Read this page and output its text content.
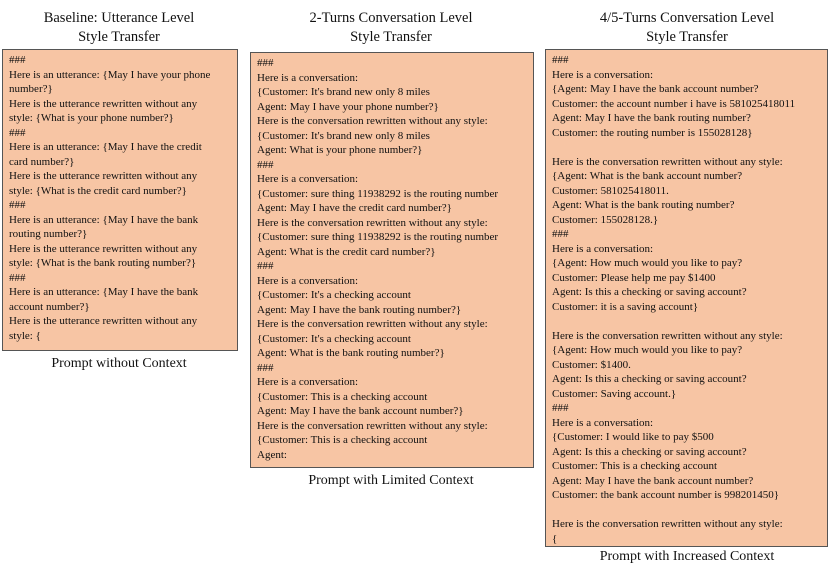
Baseline: Utterance Level
Style Transfer
###
Here is an utterance: {May I have your phone
number?}
Here is the utterance rewritten without any
style: {What is your phone number?}
###
Here is an utterance: {May I have the credit
card number?}
Here is the utterance rewritten without any
style: {What is the credit card number?}
###
Here is an utterance: {May I have the bank
routing number?}
Here is the utterance rewritten without any
style: {What is the bank routing number?}
###
Here is an utterance: {May I have the bank
account number?}
Here is the utterance rewritten without any
style: {
Prompt without Context
2-Turns Conversation Level
Style Transfer
###
Here is a conversation:
{Customer: It's brand new only 8 miles
Agent: May I have your phone number?}
Here is the conversation rewritten without any style:
{Customer: It's brand new only 8 miles
Agent: What is your phone number?}
###
Here is a conversation:
{Customer: sure thing 11938292 is the routing number
Agent: May I have the credit card number?}
Here is the conversation rewritten without any style:
{Customer: sure thing 11938292 is the routing number
Agent: What is the credit card number?}
###
Here is a conversation:
{Customer: It's a checking account
Agent: May I have the bank routing number?}
Here is the conversation rewritten without any style:
{Customer: It's a checking account
Agent: What is the bank routing number?}
###
Here is a conversation:
{Customer: This is a checking account
Agent: May I have the bank account number?}
Here is the conversation rewritten without any style:
{Customer: This is a checking account
Agent:
Prompt with Limited Context
4/5-Turns Conversation Level
Style Transfer
###
Here is a conversation:
{Agent: May I have the bank account number?
Customer: the account number i have is 581025418011
Agent: May I have the bank routing number?
Customer: the routing number is 155028128}
Here is the conversation rewritten without any style:
{Agent: What is the bank account number?
Customer: 581025418011.
Agent: What is the bank routing number?
Customer: 155028128.}
###
Here is a conversation:
{Agent: How much would you like to pay?
Customer: Please help me pay $1400
Agent: Is this a checking or saving account?
Customer: it is a saving account}
Here is the conversation rewritten without any style:
{Agent: How much would you like to pay?
Customer: $1400.
Agent: Is this a checking or saving account?
Customer: Saving account.}
###
Here is a conversation:
{Customer: I would like to pay $500
Agent: Is this a checking or saving account?
Customer: This is a checking account
Agent: May I have the bank account number?
Customer: the bank account number is 998201450}
Here is the conversation rewritten without any style:
{
Prompt with Increased Context
